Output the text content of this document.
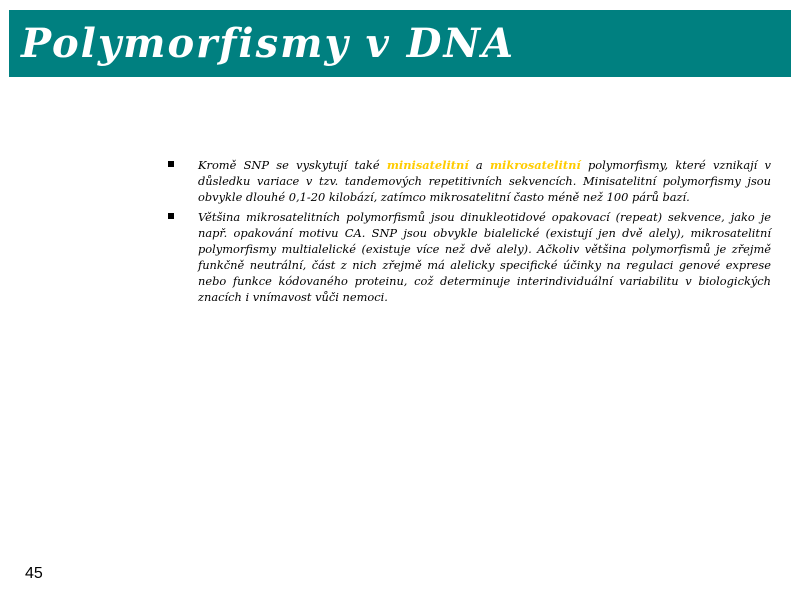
Polymorfismy v DNA

Kromě SNP se vyskytují také minisatelitní a mikrosatelitní polymorfismy, které vznikají v důsledku variace v tzv. tandemových repetitivních sekvencích. Minisatelitní polymorfismy jsou obvykle dlouhé 0,1-20 kilobází, zatímco mikrosatelitní často méně než 100 párů bazí.

Většina mikrosatelitních polymorfismů jsou dinukleotidové opakovací (repeat) sekvence, jako je např. opakování motivu CA. SNP jsou obvykle bialelické (existují jen dvě alely), mikrosatelitní polymorfismy multialelické (existuje více než dvě alely). Ačkoliv většina polymorfismů je zřejmě funkčně neutrální, část z nich zřejmě má alelicky specifické účinky na regulaci genové exprese nebo funkce kódovaného proteinu, což determinuje interindividuální variabilitu v biologických znacích i vnímavost vůči nemoci.

45
